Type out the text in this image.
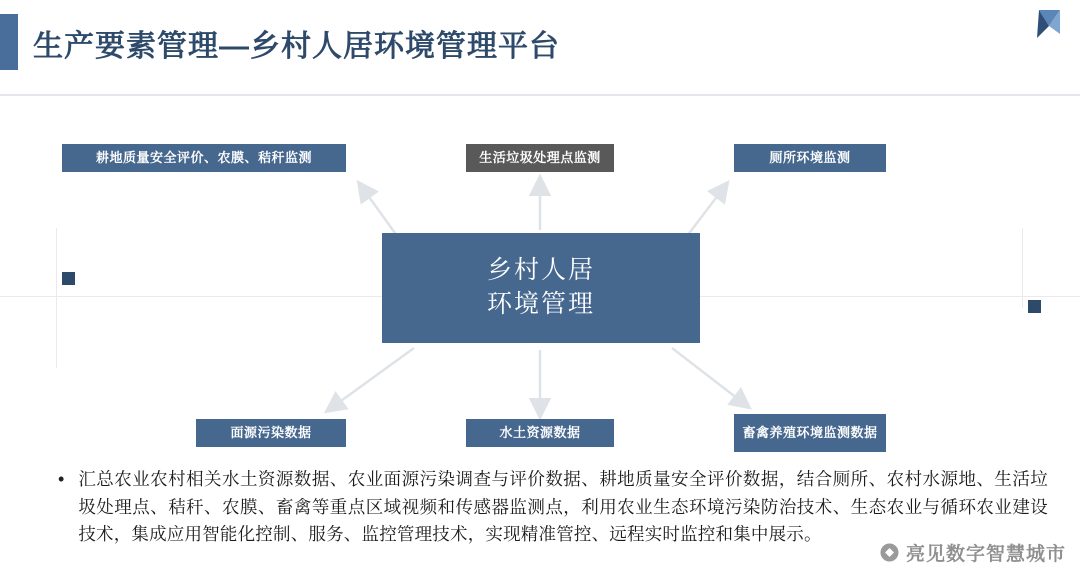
生产要素管理—乡村人居环境管理平台
耕地质量安全评价、农膜、秸秆监测	生活垃圾处理点监测	厕所环境监测
乡村人居
环境管理
面源污染数据	水土资源数据	畜禽养殖环境监测数据
• 汇总农业农村相关水土资源数据、农业面源污染调查与评价数据、耕地质量安全评价数据，结合厕所、农村水源地、生活垃圾处理点、秸秆、农膜、畜禽等重点区域视频和传感器监测点，利用农业生态环境污染防治技术、生态农业与循环农业建设技术，集成应用智能化控制、服务、监控管理技术，实现精准管控、远程实时监控和集中展示。
亮见数字智慧城市
